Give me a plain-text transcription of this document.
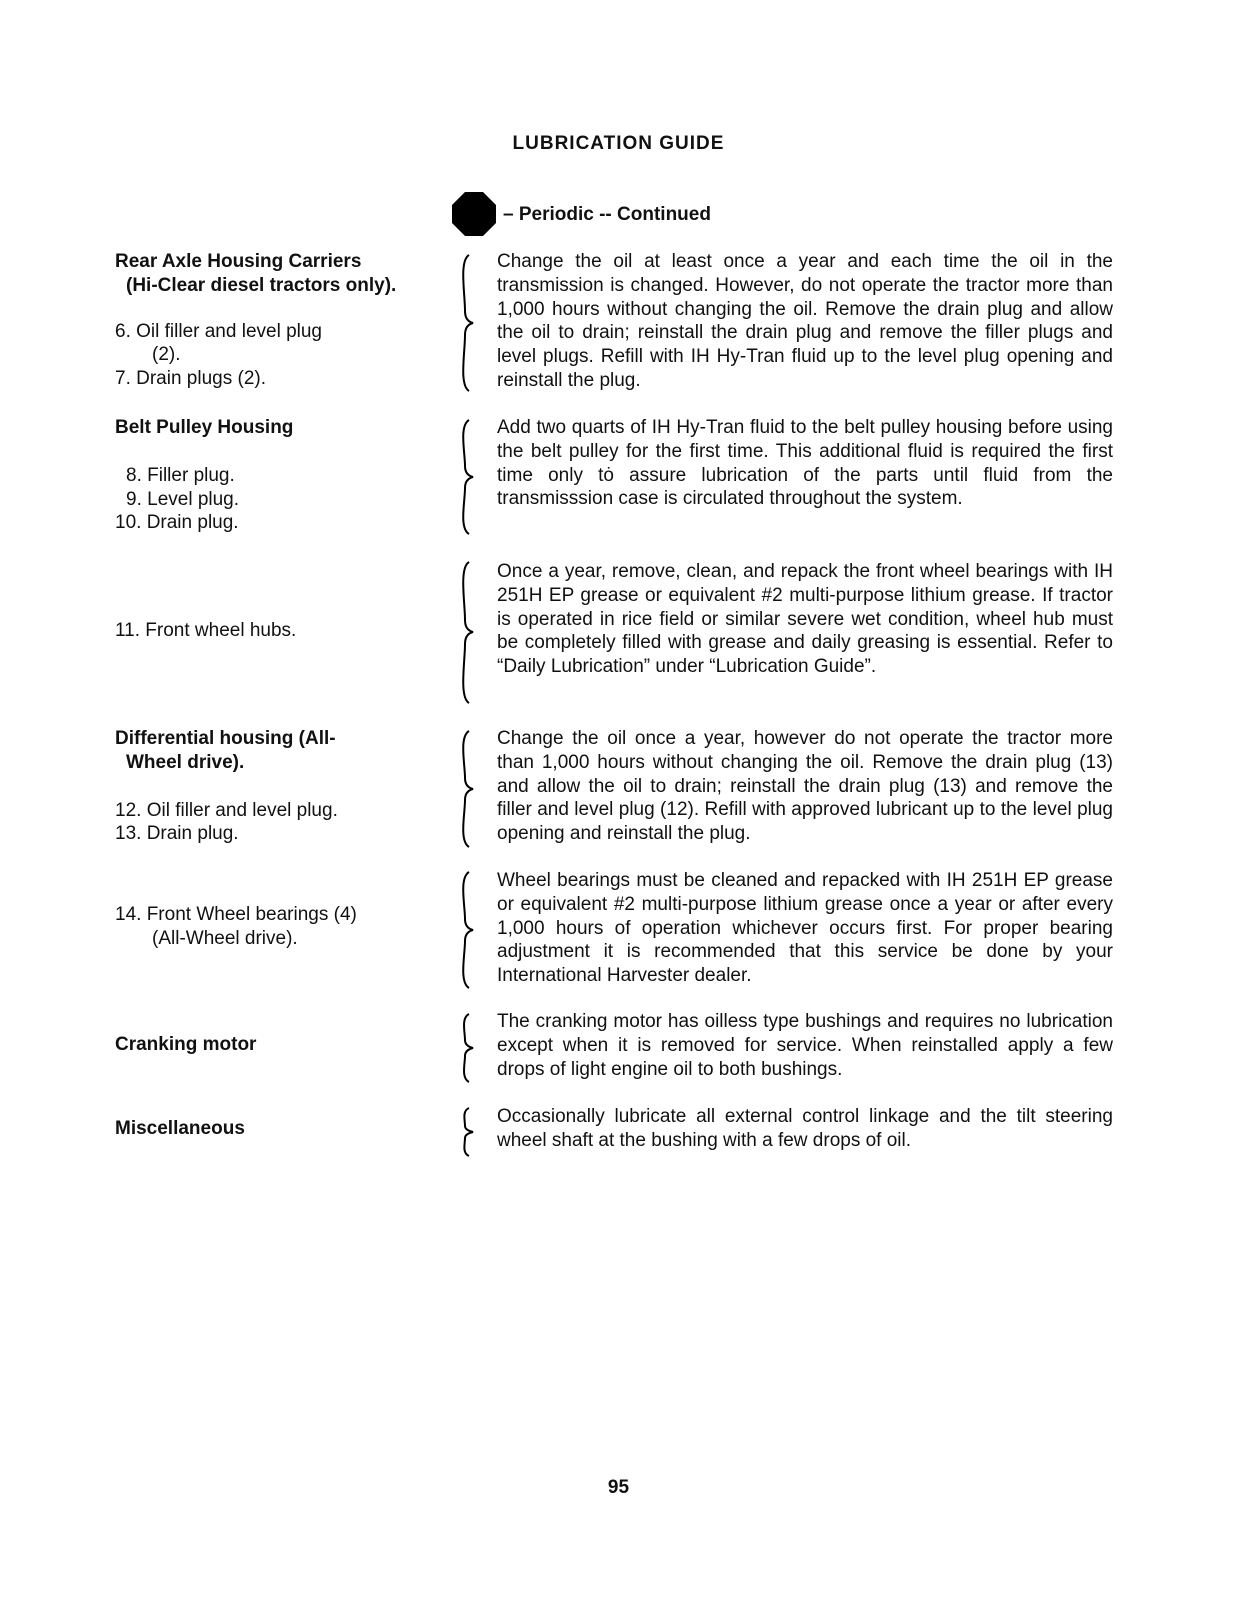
LUBRICATION GUIDE
– Periodic -- Continued
Rear Axle Housing Carriers
(Hi-Clear diesel tractors only).
6. Oil filler and level plug
(2).
7. Drain plugs (2).
Change the oil at least once a year and each time the oil in the transmission is changed. However, do not operate the tractor more than 1,000 hours without changing the oil. Remove the drain plug and allow the oil to drain; reinstall the drain plug and remove the filler plugs and level plugs. Refill with IH Hy-Tran fluid up to the level plug opening and reinstall the plug.
Belt Pulley Housing
8. Filler plug.
9. Level plug.
10. Drain plug.
Add two quarts of IH Hy-Tran fluid to the belt pulley housing before using the belt pulley for the first time. This additional fluid is required the first time only tȯ assure lubrication of the parts until fluid from the transmisssion case is circulated throughout the system.
11. Front wheel hubs.
Once a year, remove, clean, and repack the front wheel bearings with IH 251H EP grease or equivalent #2 multi-purpose lithium grease. If tractor is operated in rice field or similar severe wet condition, wheel hub must be completely filled with grease and daily greasing is essential. Refer to “Daily Lubrication” under “Lubrication Guide”.
Differential housing (All-
Wheel drive).
12. Oil filler and level plug.
13. Drain plug.
Change the oil once a year, however do not operate the tractor more than 1,000 hours without changing the oil. Remove the drain plug (13) and allow the oil to drain; reinstall the drain plug (13) and remove the filler and level plug (12). Refill with approved lubricant up to the level plug opening and reinstall the plug.
14. Front Wheel bearings (4)
(All-Wheel drive).
Wheel bearings must be cleaned and repacked with IH 251H EP grease or equivalent #2 multi-purpose lithium grease once a year or after every 1,000 hours of operation whichever occurs first. For proper bearing adjustment it is recommended that this service be done by your International Harvester dealer.
Cranking motor
The cranking motor has oilless type bushings and requires no lubrication except when it is removed for service. When reinstalled apply a few drops of light engine oil to both bushings.
Miscellaneous
Occasionally lubricate all external control linkage and the tilt steering wheel shaft at the bushing with a few drops of oil.
95
